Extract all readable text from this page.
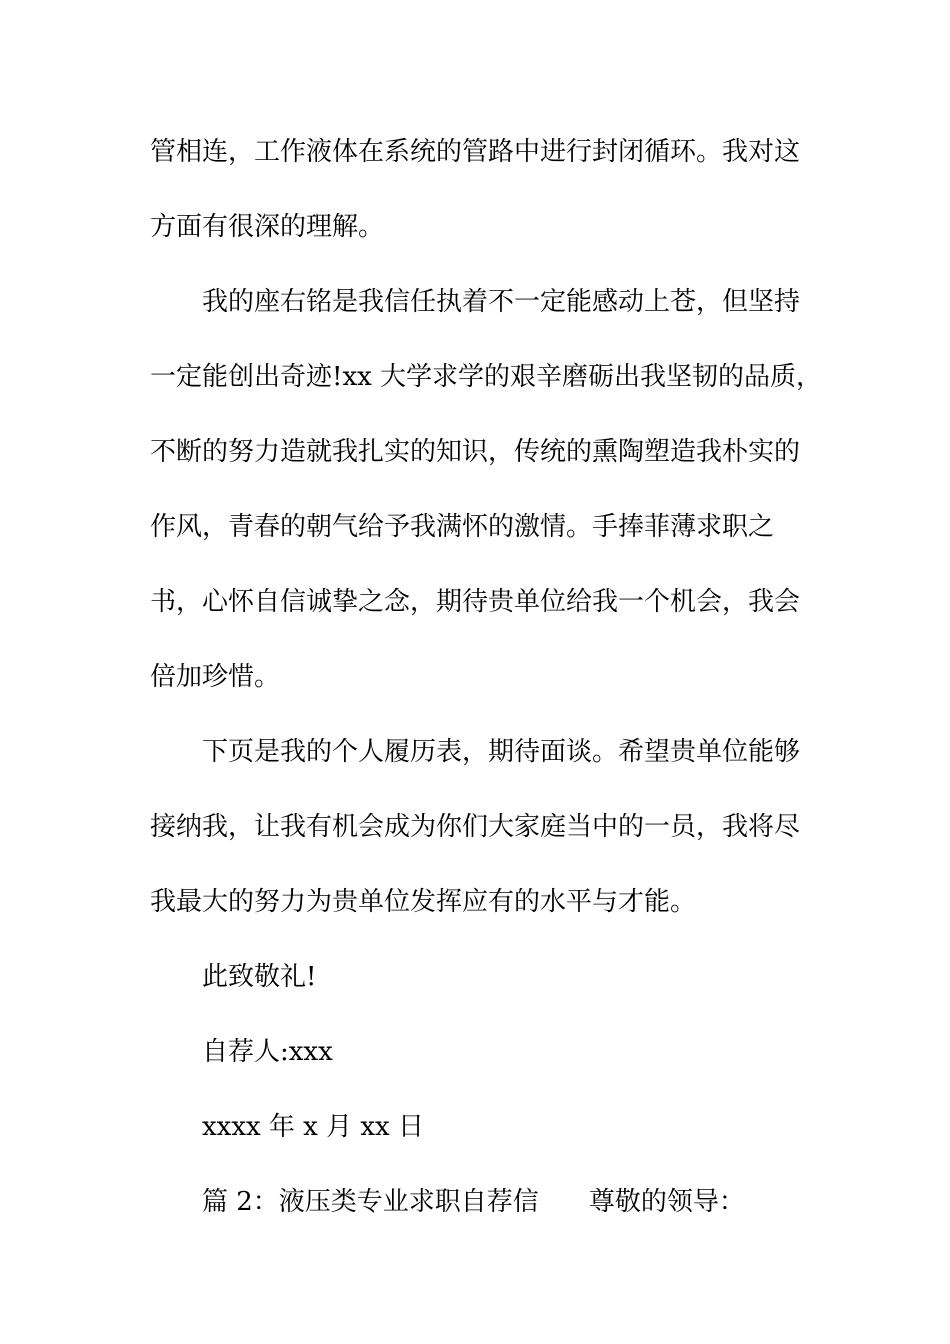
管相连，工作液体在系统的管路中进行封闭循环。我对这
方面有很深的理解。
我的座右铭是我信任执着不一定能感动上苍，但坚持
一定能创出奇迹!xx 大学求学的艰辛磨砺出我坚韧的品质，
不断的努力造就我扎实的知识，传统的熏陶塑造我朴实的
作风，青春的朝气给予我满怀的激情。手捧菲薄求职之
书，心怀自信诚挚之念，期待贵单位给我一个机会，我会
倍加珍惜。
下页是我的个人履历表，期待面谈。希望贵单位能够
接纳我，让我有机会成为你们大家庭当中的一员，我将尽
我最大的努力为贵单位发挥应有的水平与才能。
此致敬礼!
自荐人:xxx
xxxx 年 x 月 xx 日
篇 2：液压类专业求职自荐信 尊敬的领导：
